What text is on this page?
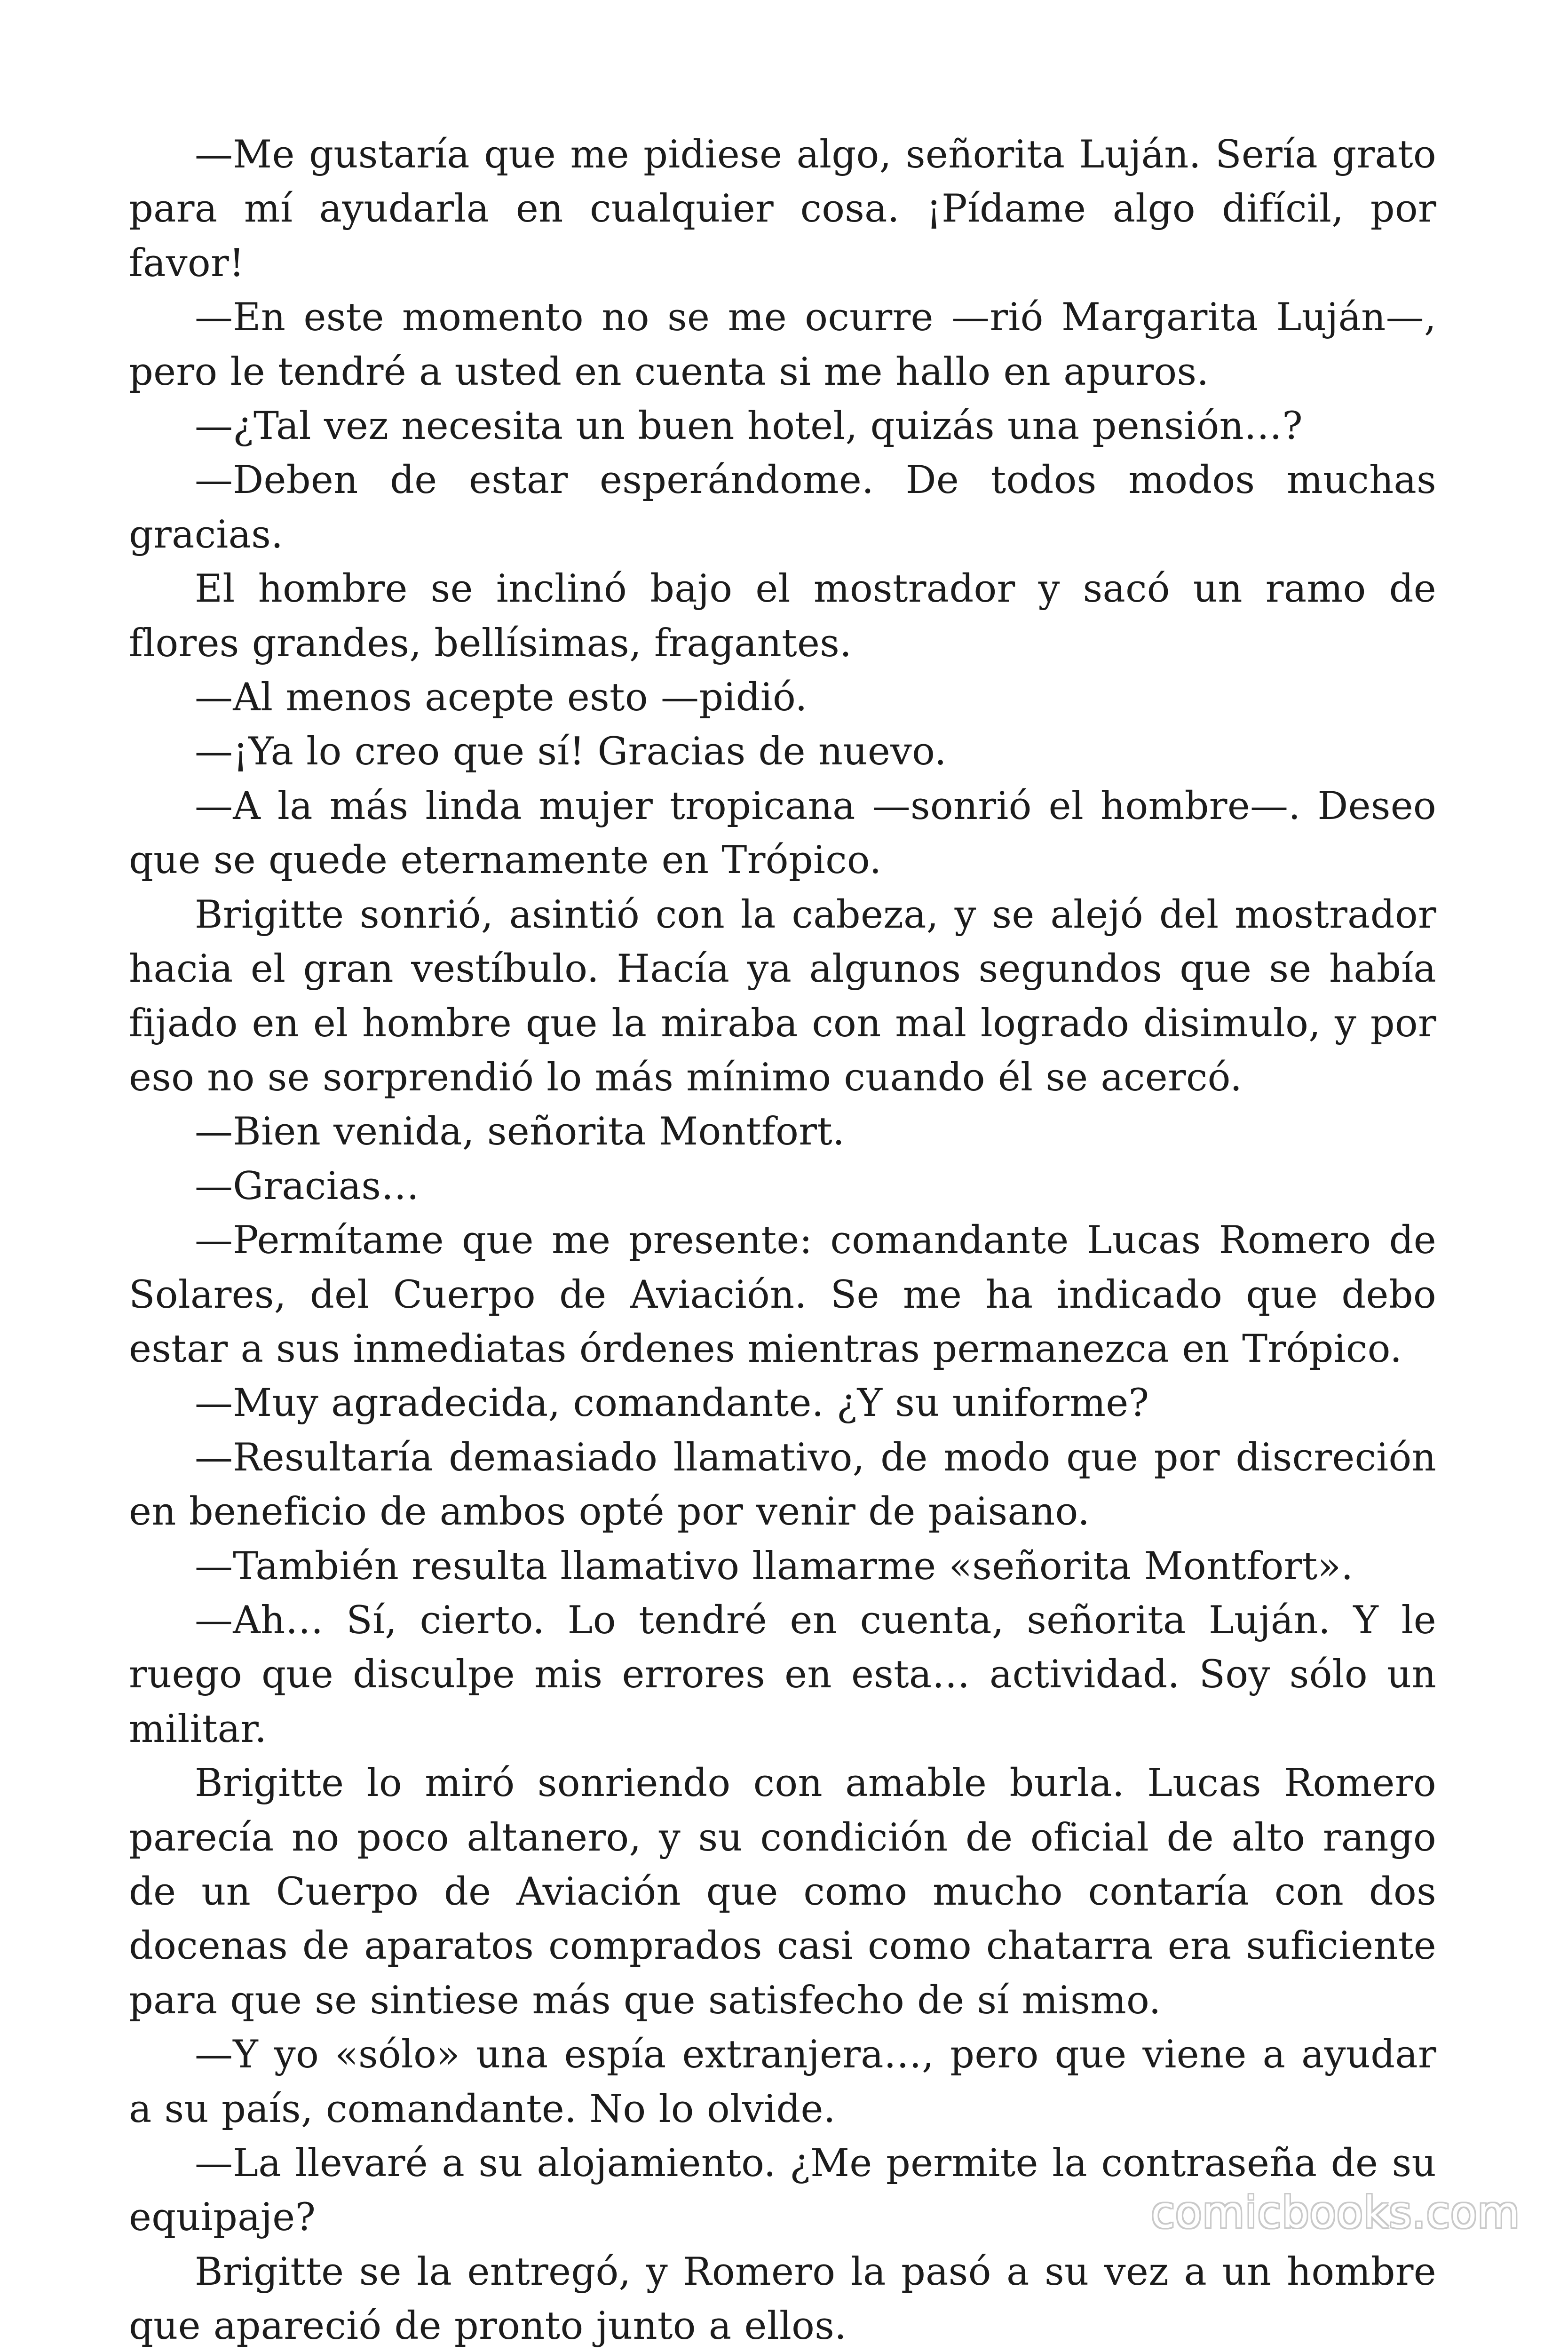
—Me gustaría que me pidiese algo, señorita Luján. Sería grato para mí ayudarla en cualquier cosa. ¡Pídame algo difícil, por favor!

—En este momento no se me ocurre —rió Margarita Luján—, pero le tendré a usted en cuenta si me hallo en apuros.

—¿Tal vez necesita un buen hotel, quizás una pensión…?

—Deben de estar esperándome. De todos modos muchas gracias.

El hombre se inclinó bajo el mostrador y sacó un ramo de flores grandes, bellísimas, fragantes.

—Al menos acepte esto —pidió.

—¡Ya lo creo que sí! Gracias de nuevo.

—A la más linda mujer tropicana —sonrió el hombre—. Deseo que se quede eternamente en Trópico.

Brigitte sonrió, asintió con la cabeza, y se alejó del mostrador hacia el gran vestíbulo. Hacía ya algunos segundos que se había fijado en el hombre que la miraba con mal logrado disimulo, y por eso no se sorprendió lo más mínimo cuando él se acercó.

—Bien venida, señorita Montfort.

—Gracias…

—Permítame que me presente: comandante Lucas Romero de Solares, del Cuerpo de Aviación. Se me ha indicado que debo estar a sus inmediatas órdenes mientras permanezca en Trópico.

—Muy agradecida, comandante. ¿Y su uniforme?

—Resultaría demasiado llamativo, de modo que por discreción en beneficio de ambos opté por venir de paisano.

—También resulta llamativo llamarme «señorita Montfort».

—Ah… Sí, cierto. Lo tendré en cuenta, señorita Luján. Y le ruego que disculpe mis errores en esta… actividad. Soy sólo un militar.

Brigitte lo miró sonriendo con amable burla. Lucas Romero parecía no poco altanero, y su condición de oficial de alto rango de un Cuerpo de Aviación que como mucho contaría con dos docenas de aparatos comprados casi como chatarra era suficiente para que se sintiese más que satisfecho de sí mismo.

—Y yo «sólo» una espía extranjera…, pero que viene a ayudar a su país, comandante. No lo olvide.

—La llevaré a su alojamiento. ¿Me permite la contraseña de su equipaje?

Brigitte se la entregó, y Romero la pasó a su vez a un hombre que apareció de pronto junto a ellos.

comicbooks.com
